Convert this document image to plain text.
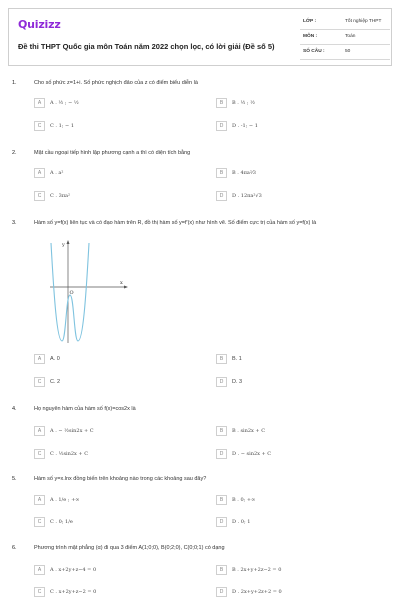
Quizizz
Đề thi THPT Quốc gia môn Toán năm 2022 chọn lọc, có lời giải (Đề số 5)
LỚP :	Tốt nghiệp THPT
MÔN :	Toán
SỐ CÂU :	50
1.	Cho số phức z=1+i. Số phức nghịch đảo của z có điểm biểu diễn là
A	A . ½ ; − ½	B	B . ½ ; ½
C	C . 1; − 1	D	D . -1; − 1
2.	Mặt cầu ngoại tiếp hình lập phương cạnh a thì có diện tích bằng
A	A . a²	B	B . 4πa²⁄3
C	C . 3πa²	D	D . 12πa²√3
3.	Hàm số y=f(x) liên tục và có đạo hàm trên R, đồ thị hàm số y=f'(x) như hình vẽ. Số điểm cực trị của hàm số y=f(x) là
y
x
O
A	A. 0	B	B. 1
C	C. 2	D	D. 3
4.	Họ nguyên hàm của hàm số f(x)=cos2x là
A	A . − ½sin2x + C	B	B . sin2x + C
C	C . ½sin2x + C	D	D . − sin2x + C
5.	Hàm số y=x.lnx đồng biến trên khoảng nào trong các khoảng sau đây?
A	A . 1/e ; +∞	B	B . 0; +∞
C	C . 0; 1/e	D	D . 0; 1
6.	Phương trình mặt phẳng (α) đi qua 3 điểm A(1;0;0), B(0;2;0), C(0;0;1) có dạng
A	A . x+2y+z−4 = 0	B	B . 2x+y+2z−2 = 0
C	C . x+2y+z−2 = 0	D	D . 2x+y+2z+2 = 0
